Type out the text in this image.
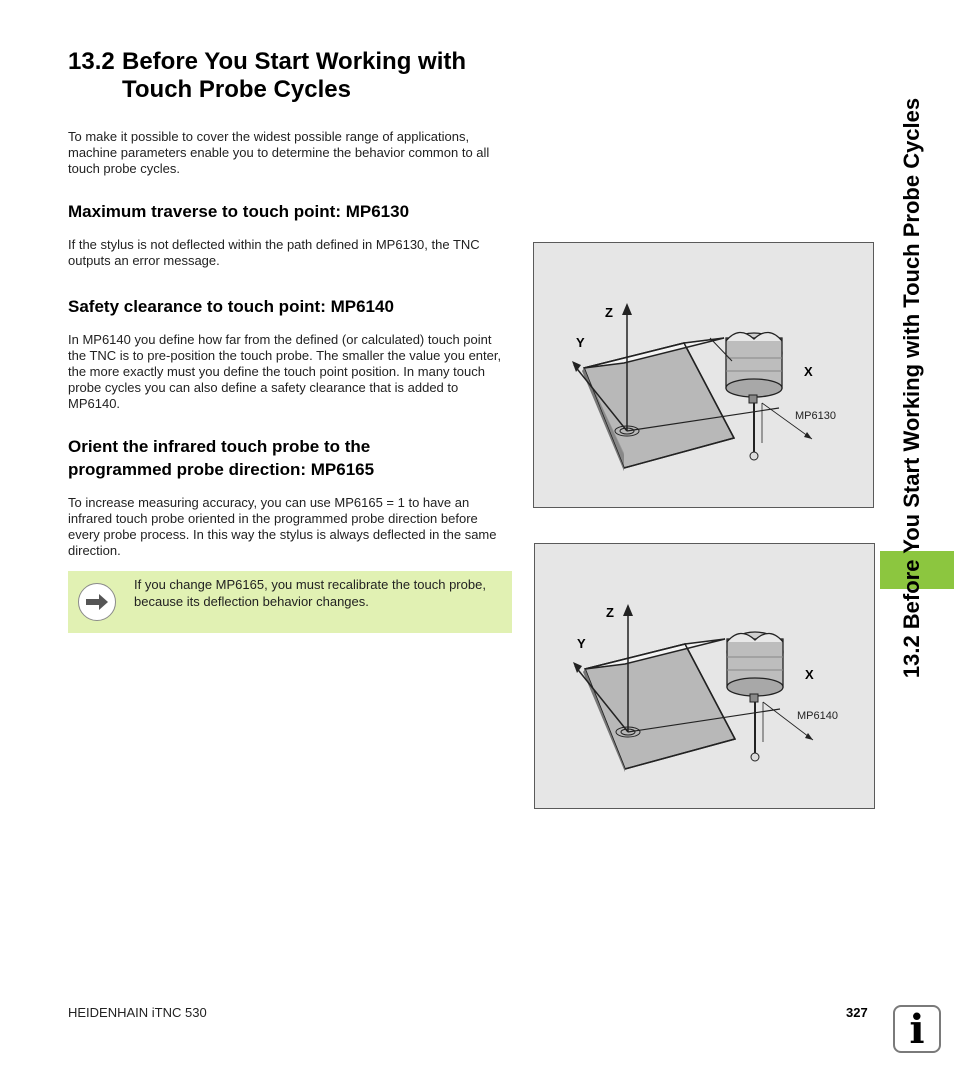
13.2 Before You Start Working with Touch Probe Cycles
To make it possible to cover the widest possible range of applications, machine parameters enable you to determine the behavior common to all touch probe cycles.
Maximum traverse to touch point: MP6130
If the stylus is not deflected within the path defined in MP6130, the TNC outputs an error message.
Safety clearance to touch point: MP6140
In MP6140 you define how far from the defined (or calculated) touch point the TNC is to pre-position the touch probe. The smaller the value you enter, the more exactly must you define the touch point position. In many touch probe cycles you can also define a safety clearance that is added to MP6140.
Orient the infrared touch probe to the programmed probe direction: MP6165
To increase measuring accuracy, you can use MP6165 = 1 to have an infrared touch probe oriented in the programmed probe direction before every probe process. In this way the stylus is always deflected in the same direction.
If you change MP6165, you must recalibrate the touch probe, because its deflection behavior changes.
Z
Y
X
MP6130
Z
Y
X
MP6140
13.2 Before You Start Working with Touch Probe Cycles
HEIDENHAIN iTNC 530	327	i
